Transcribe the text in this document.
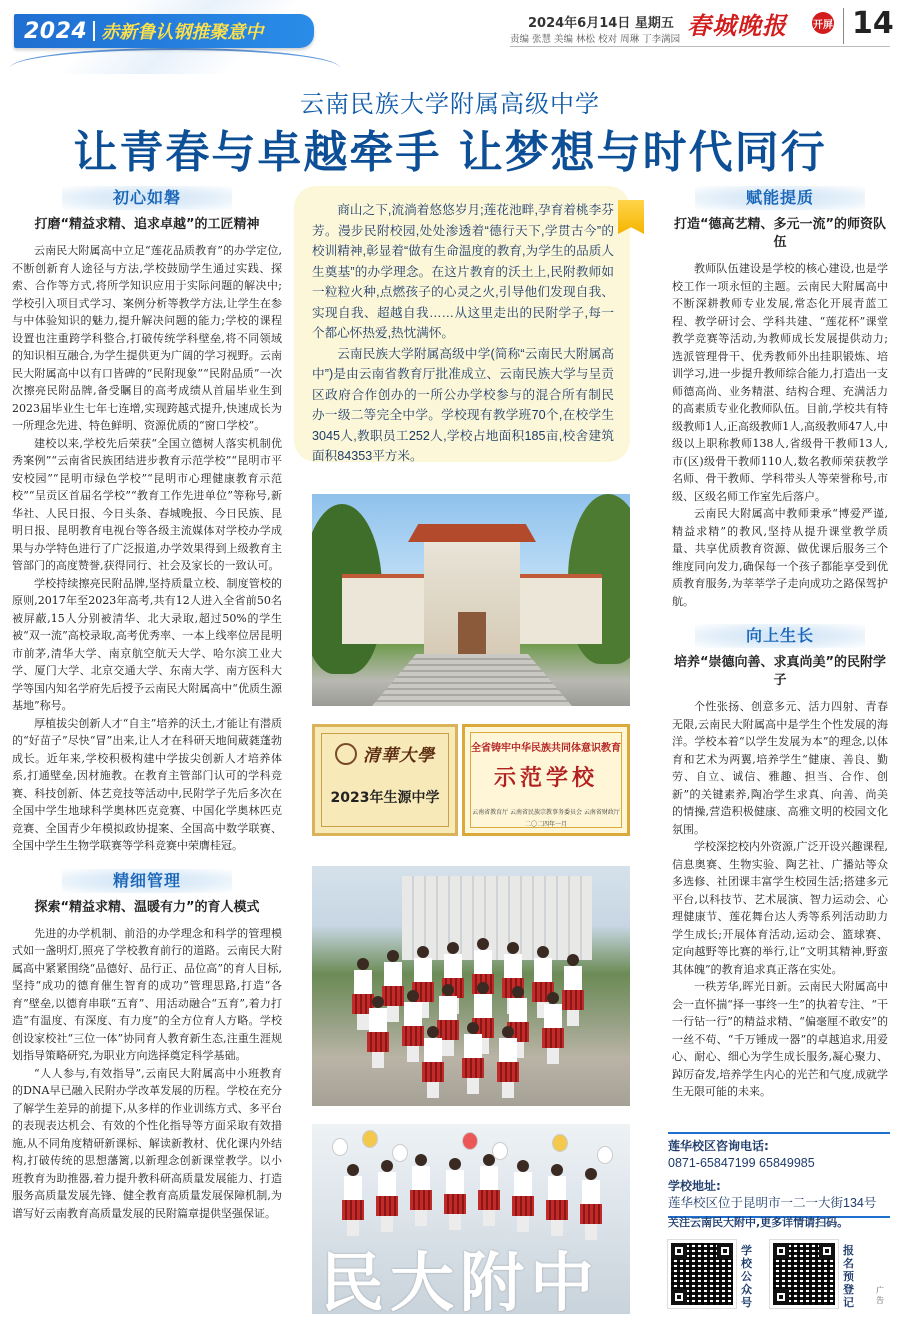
2024 赤新鲁认钢推聚意中	2024年6月14日 星期五
责编 张慧 美编 林松 校对 周琳 丁李满园 春城晚报	开屏 14
云南民族大学附属高级中学
让青春与卓越牵手 让梦想与时代同行
初心如磐
打磨“精益求精、追求卓越”的工匠精神

云南民大附属高中立足“莲花品质教育”的办学定位,不断创新育人途径与方法,学校鼓励学生通过实践、探索、合作等方式,将所学知识应用于实际问题的解决中;学校引入项目式学习、案例分析等教学方法,让学生在参与中体验知识的魅力,提升解决问题的能力;学校的课程设置也注重跨学科整合,打破传统学科壁垒,将不同领域的知识相互融合,为学生提供更为广阔的学习视野。云南民大附属高中以有口皆碑的“民附现象”“民附品质”一次次擦亮民附品牌,备受瞩目的高考成绩从首届毕业生到2023届毕业生七年七连增,实现跨越式提升,快速成长为一所理念先进、特色鲜明、资源优质的“窗口学校”。

建校以来,学校先后荣获“全国立德树人落实机制优秀案例”“云南省民族团结进步教育示范学校”“昆明市平安校园”“昆明市绿色学校”“昆明市心理健康教育示范校”“呈贡区首届名学校”“教育工作先进单位”等称号,新华社、人民日报、今日头条、春城晚报、今日民族、昆明日报、昆明教育电视台等各级主流媒体对学校办学成果与办学特色进行了广泛报道,办学效果得到上级教育主管部门的高度赞誉,获得同行、社会及家长的一致认可。

学校持续擦亮民附品牌,坚持质量立校、制度管校的原则,2017年至2023年高考,共有12人进入全省前50名被屏蔽,15人分别被清华、北大录取,超过50%的学生被“双一流”高校录取,高考优秀率、一本上线率位居昆明市前茅,清华大学、南京航空航天大学、哈尔滨工业大学、厦门大学、北京交通大学、东南大学、南方医科大学等国内知名学府先后授予云南民大附属高中“优质生源基地”称号。

厚植拔尖创新人才“自主”培养的沃土,才能让有潜质的“好苗子”尽快“冒”出来,让人才在科研天地间葳蕤蓬勃成长。近年来,学校积极构建中学拔尖创新人才培养体系,打通壁垒,因材施教。在教育主管部门认可的学科竞赛、科技创新、体艺竞技等活动中,民附学子先后多次在全国中学生地球科学奥林匹克竞赛、中国化学奥林匹克竞赛、全国青少年模拟政协提案、全国高中数学联赛、全国中学生生物学联赛等学科竞赛中荣膺桂冠。

精细管理
探索“精益求精、温暖有力”的育人模式

先进的办学机制、前沿的办学理念和科学的管理模式如一盏明灯,照亮了学校教育前行的道路。云南民大附属高中紧紧围绕“品德好、品行正、品位高”的育人目标,坚持“成功的德育催生智育的成功”管理思路,打造“各育”壁垒,以德育串联“五育”、用活动融合“五育”,着力打造“有温度、有深度、有力度”的全方位育人方略。学校创设家校社“三位一体”协同育人教育新生态,注重生涯规划指导策略研究,为职业方向选择奠定科学基础。

“人人参与,有效指导”,云南民大附属高中小班教育的DNA早已融入民附办学改革发展的历程。学校在充分了解学生差异的前提下,从多样的作业训练方式、多平台的表现表达机会、有效的个性化指导等方面采取有效措施,从不同角度精研新课标、解读新教材、优化课内外结构,打破传统的思想藩篱,以新理念创新课堂教学。以小班教育为助推器,着力提升教科研高质量发展能力、打造服务高质量发展先锋、健全教育高质量发展保障机制,为谱写好云南教育高质量发展的民附篇章提供坚强保证。

商山之下,流淌着悠悠岁月;莲花池畔,孕育着桃李芬芳。漫步民附校园,处处渗透着“德行天下,学贯古今”的校训精神,彰显着“做有生命温度的教育,为学生的品质人生奠基”的办学理念。在这片教育的沃土上,民附教师如一粒粒火种,点燃孩子的心灵之火,引导他们发现自我、实现自我、超越自我……从这里走出的民附学子,每一个都心怀热爱,热忱满怀。

云南民族大学附属高级中学(简称“云南民大附属高中”)是由云南省教育厅批准成立、云南民族大学与呈贡区政府合作创办的一所公办学校参与的混合所有制民办一级二等完全中学。学校现有教学班70个,在校学生3045人,教职员工252人,学校占地面积185亩,校舍建筑面积84353平方米。

清華大學
2023年生源中学
全省铸牢中华民族共同体意识教育
示范学校
云南省教育厅 云南省民族宗教事务委员会 云南省财政厅
二〇二四年一月
民大附中
赋能提质
打造“德高艺精、多元一流”的师资队伍

教师队伍建设是学校的核心建设,也是学校工作一项永恒的主题。云南民大附属高中不断深耕教师专业发展,常态化开展青蓝工程、教学研讨会、学科共建、“莲花杯”课堂教学竞赛等活动,为教师成长发展提供动力;选派管理骨干、优秀教师外出挂职锻炼、培训学习,进一步提升教师综合能力,打造出一支师德高尚、业务精湛、结构合理、充满活力的高素质专业化教师队伍。目前,学校共有特级教师1人,正高级教师1人,高级教师47人,中级以上职称教师138人,省级骨干教师13人,市(区)级骨干教师110人,数名教师荣获教学名师、骨干教师、学科带头人等荣誉称号,市级、区级名师工作室先后落户。

云南民大附属高中教师秉承“博爱严谨,精益求精”的教风,坚持从提升课堂教学质量、共享优质教育资源、做优课后服务三个维度同向发力,确保每一个孩子都能享受到优质教育服务,为莘莘学子走向成功之路保驾护航。

向上生长
培养“崇德向善、求真尚美”的民附学子

个性张扬、创意多元、活力四射、青春无限,云南民大附属高中是学生个性发展的海洋。学校本着“以学生发展为本”的理念,以体育和艺术为两翼,培养学生“健康、善良、勤劳、自立、诚信、雅趣、担当、合作、创新”的关键素养,陶冶学生求真、向善、尚美的情操,营造积极健康、高雅文明的校园文化氛围。

学校深挖校内外资源,广泛开设兴趣课程,信息奥赛、生物实验、陶艺社、广播站等众多选修、社团课丰富学生校园生活;搭建多元平台,以科技节、艺术展演、智力运动会、心理健康节、莲花舞台达人秀等系列活动助力学生成长;开展体育活动,运动会、篮球赛、定向越野等比赛的举行,让“文明其精神,野蛮其体魄”的教育追求真正落在实处。

一秩芳华,晖光日新。云南民大附属高中会一直怀揣“择一事终一生”的执着专注、“干一行钻一行”的精益求精、“偏毫厘不敢安”的一丝不苟、“千万锤成一器”的卓越追求,用爱心、耐心、细心为学生成长服务,凝心聚力、踔厉奋发,培养学生内心的光芒和气度,成就学生无限可能的未来。

莲华校区咨询电话:
0871-65847199 65849985
学校地址:
莲华校区位于昆明市一二一大街134号
关注云南民大附中,更多详情请扫码。
学校公众号
报名预登记
广告
